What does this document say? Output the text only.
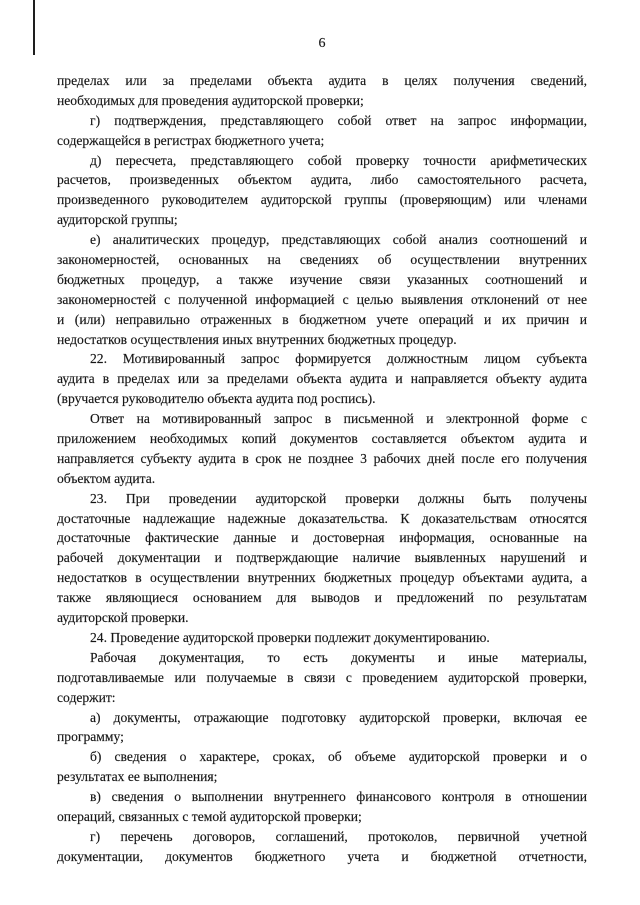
6
пределах или за пределами объекта аудита в целях получения сведений,
необходимых для проведения аудиторской проверки;
г) подтверждения, представляющего собой ответ на запрос информации,
содержащейся в регистрах бюджетного учета;
д) пересчета, представляющего собой проверку точности арифметических
расчетов, произведенных объектом аудита, либо самостоятельного расчета,
произведенного руководителем аудиторской группы (проверяющим) или членами
аудиторской группы;
е) аналитических процедур, представляющих собой анализ соотношений и
закономерностей, основанных на сведениях об осуществлении внутренних
бюджетных процедур, а также изучение связи указанных соотношений и
закономерностей с полученной информацией с целью выявления отклонений от нее
и (или) неправильно отраженных в бюджетном учете операций и их причин и
недостатков осуществления иных внутренних бюджетных процедур.
22. Мотивированный запрос формируется должностным лицом субъекта
аудита в пределах или за пределами объекта аудита и направляется объекту аудита
(вручается руководителю объекта аудита под роспись).
Ответ на мотивированный запрос в письменной и электронной форме с
приложением необходимых копий документов составляется объектом аудита и
направляется субъекту аудита в срок не позднее 3 рабочих дней после его получения
объектом аудита.
23. При проведении аудиторской проверки должны быть получены
достаточные надлежащие надежные доказательства. К доказательствам относятся
достаточные фактические данные и достоверная информация, основанные на
рабочей документации и подтверждающие наличие выявленных нарушений и
недостатков в осуществлении внутренних бюджетных процедур объектами аудита, а
также являющиеся основанием для выводов и предложений по результатам
аудиторской проверки.
24. Проведение аудиторской проверки подлежит документированию.
Рабочая документация, то есть документы и иные материалы,
подготавливаемые или получаемые в связи с проведением аудиторской проверки,
содержит:
а) документы, отражающие подготовку аудиторской проверки, включая ее
программу;
б) сведения о характере, сроках, об объеме аудиторской проверки и о
результатах ее выполнения;
в) сведения о выполнении внутреннего финансового контроля в отношении
операций, связанных с темой аудиторской проверки;
г) перечень договоров, соглашений, протоколов, первичной учетной
документации, документов бюджетного учета и бюджетной отчетности,
